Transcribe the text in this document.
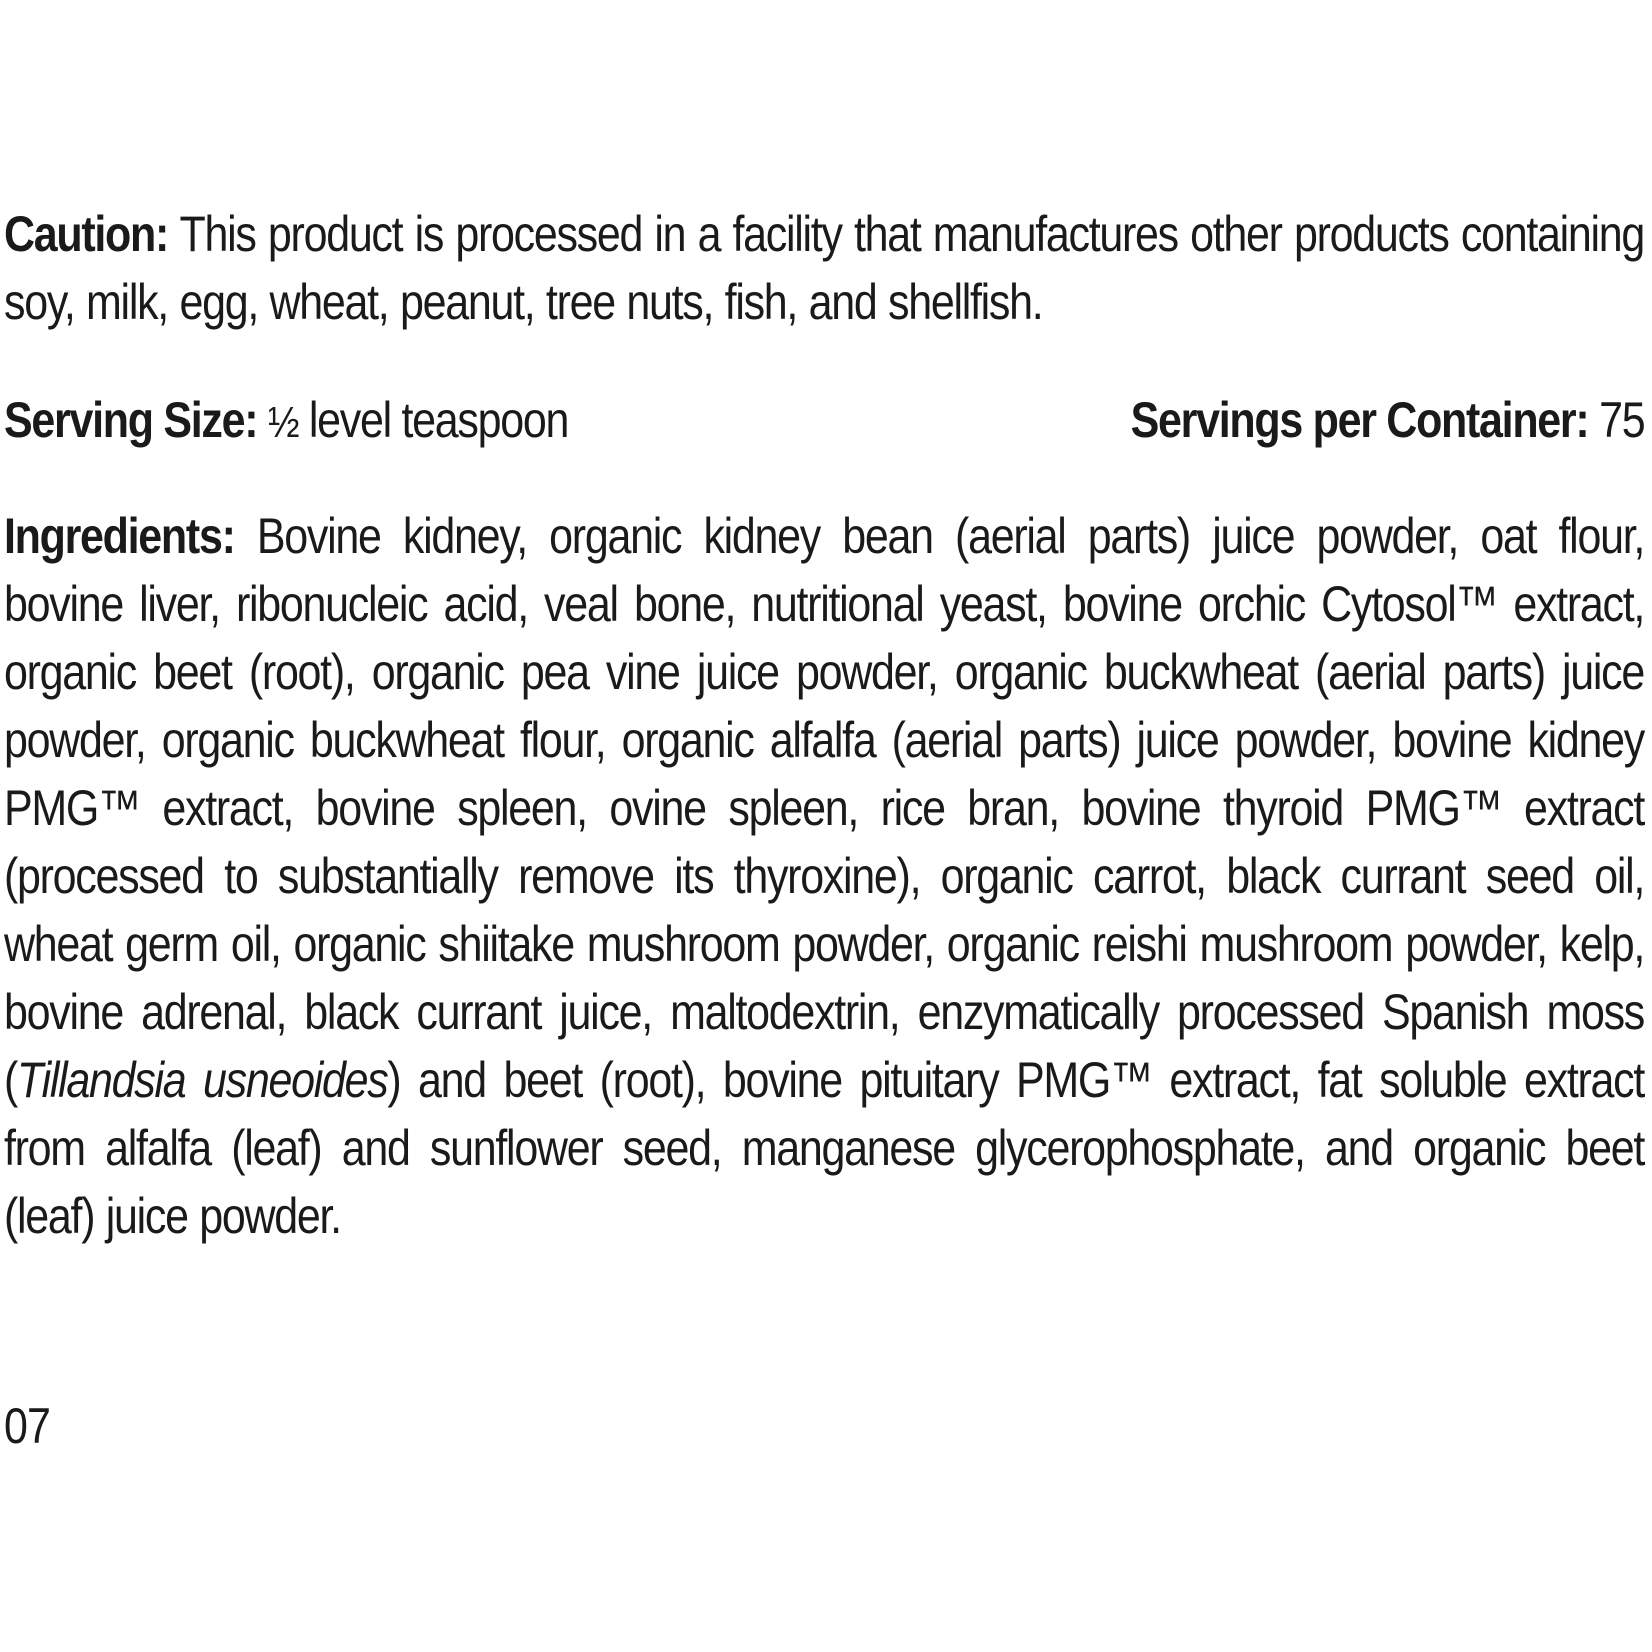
Caution: This product is processed in a facility that manufactures other products containing soy, milk, egg, wheat, peanut, tree nuts, fish, and shellfish.

Serving Size: ½ level teaspoon	Servings per Container: 75

Ingredients: Bovine kidney, organic kidney bean (aerial parts) juice powder, oat flour, bovine liver, ribonucleic acid, veal bone, nutritional yeast, bovine orchic Cytosol™ extract, organic beet (root), organic pea vine juice powder, organic buckwheat (aerial parts) juice powder, organic buckwheat flour, organic alfalfa (aerial parts) juice powder, bovine kidney PMG™ extract, bovine spleen, ovine spleen, rice bran, bovine thyroid PMG™ extract (processed to substantially remove its thyroxine), organic carrot, black currant seed oil, wheat germ oil, organic shiitake mushroom powder, organic reishi mushroom powder, kelp, bovine adrenal, black currant juice, maltodextrin, enzymatically processed Spanish moss (Tillandsia usneoides) and beet (root), bovine pituitary PMG™ extract, fat soluble extract from alfalfa (leaf) and sunflower seed, manganese glycerophosphate, and organic beet (leaf) juice powder.

07
